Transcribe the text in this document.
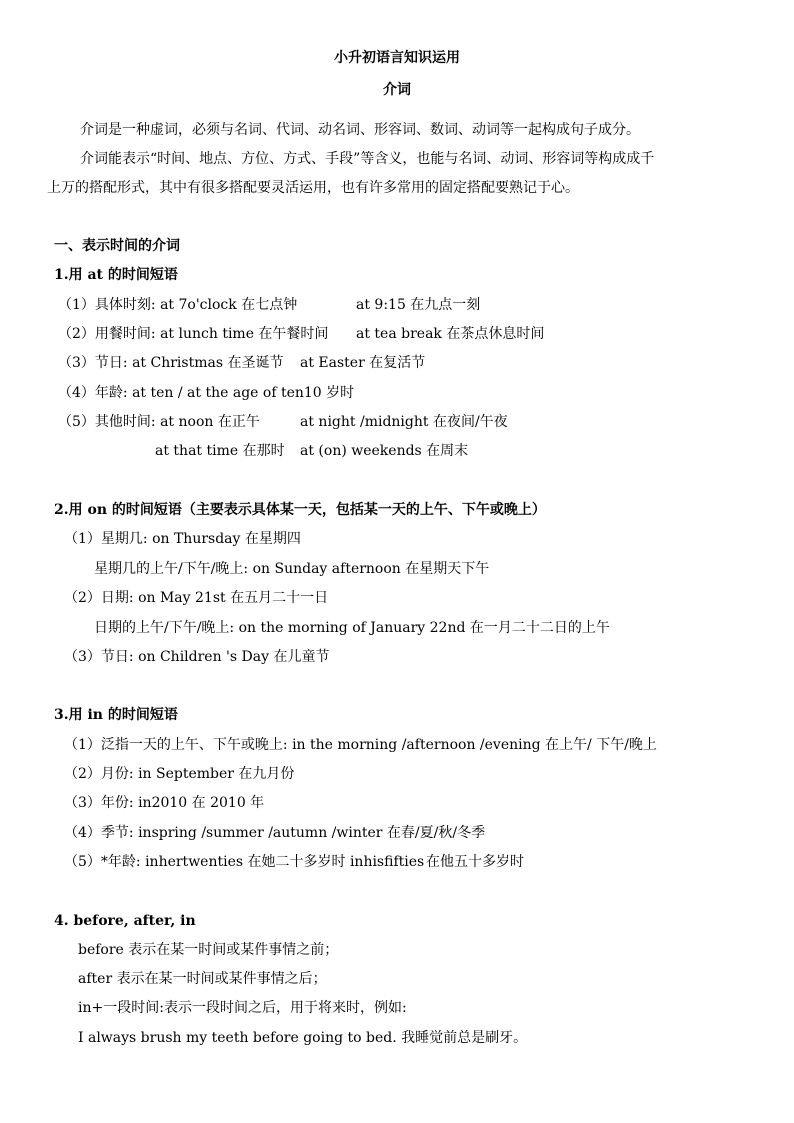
小升初语言知识运用
介词
介词是一种虚词，必须与名词、代词、动名词、形容词、数词、动词等一起构成句子成分。
介词能表示“时间、地点、方位、方式、手段”等含义，也能与名词、动词、形容词等构成成千
上万的搭配形式，其中有很多搭配要灵活运用，也有许多常用的固定搭配要熟记于心。
一、表示时间的介词
1.用 at 的时间短语
（1）具体时刻: at 7o'clock 在七点钟	at 9:15 在九点一刻
（2）用餐时间: at lunch time 在午餐时间 at tea break 在茶点休息时间
（3）节日: at Christmas 在圣诞节 at Easter 在复活节
（4）年龄: at ten / at the age of ten10 岁时
（5）其他时间: at noon 在正午	at night /midnight 在夜间/午夜
at that time 在那时 at (on) weekends 在周末
2.用 on 的时间短语（主要表示具体某一天，包括某一天的上午、下午或晚上）
（1）星期几: on Thursday 在星期四
星期几的上午/下午/晚上: on Sunday afternoon 在星期天下午
（2）日期: on May 21st 在五月二十一日
日期的上午/下午/晚上: on the morning of January 22nd 在一月二十二日的上午
（3）节日: on Children 's Day 在儿童节
3.用 in 的时间短语
（1）泛指一天的上午、下午或晚上: in the morning /afternoon /evening 在上午/ 下午/晚上
（2）月份: in September 在九月份
（3）年份: in2010 在 2010 年
（4）季节: inspring /summer /autumn /winter 在春/夏/秋/冬季
（5）*年龄: inhertwenties 在她二十多岁时 inhisfifties 在他五十多岁时
4. before, after, in
before 表示在某一时间或某件事情之前；
after 表示在某一时间或某件事情之后；
in+一段时间:表示一段时间之后，用于将来时，例如:
I always brush my teeth before going to bed. 我睡觉前总是刷牙。
